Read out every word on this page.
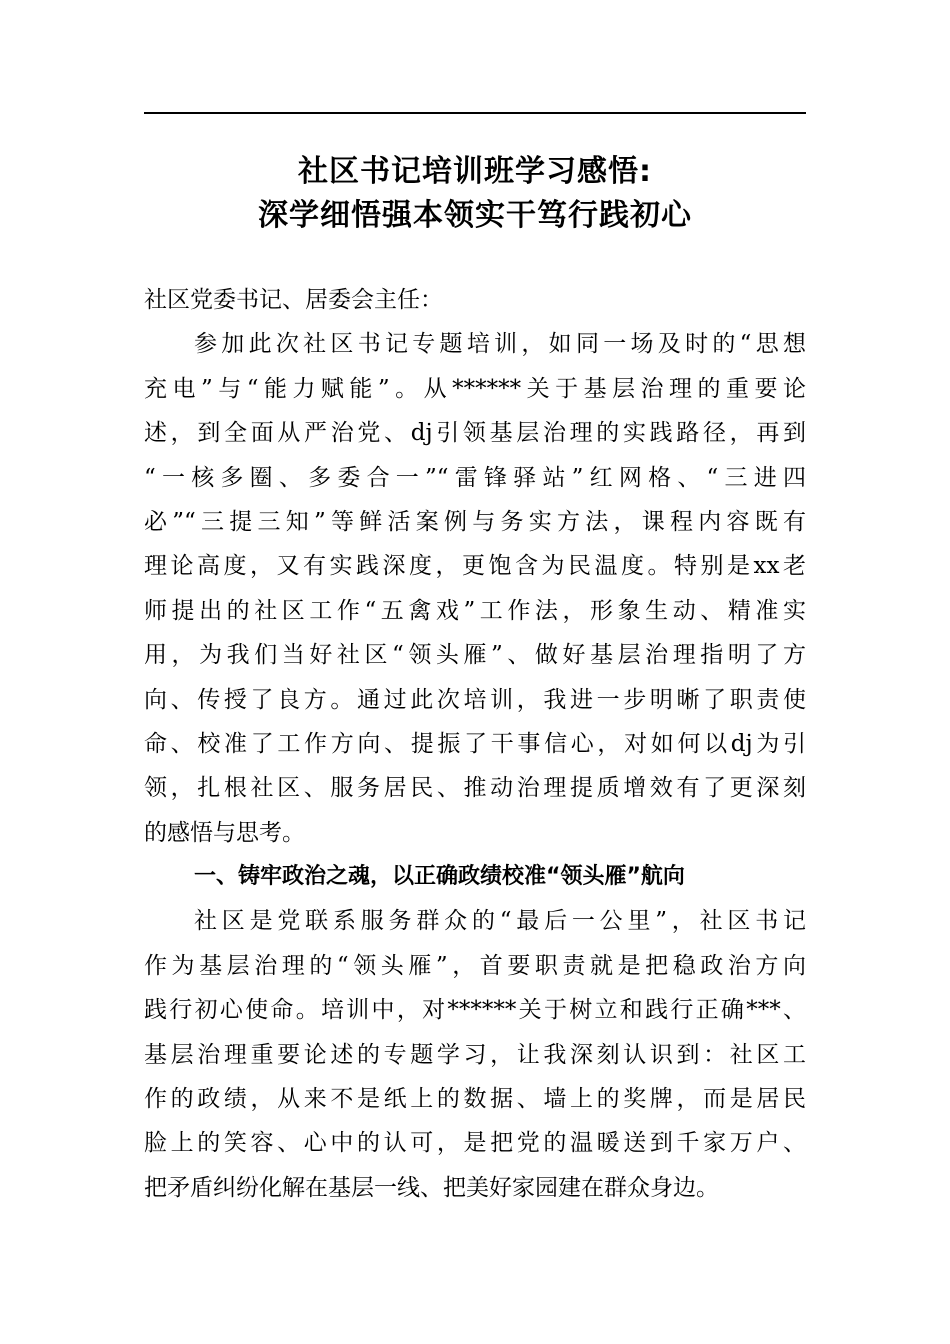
社区书记培训班学习感悟:
深学细悟强本领实干笃行践初心
社区党委书记、居委会主任：
参加此次社区书记专题培训，如同一场及时的“思想
充电”与“能力赋能”。从******关于基层治理的重要论
述，到全面从严治党、dj引领基层治理的实践路径，再到
“一核多圈、多委合一”“雷锋驿站”红网格、“三进四
必”“三提三知”等鲜活案例与务实方法，课程内容既有
理论高度，又有实践深度，更饱含为民温度。特别是xx老
师提出的社区工作“五禽戏”工作法，形象生动、精准实
用，为我们当好社区“领头雁”、做好基层治理指明了方
向、传授了良方。通过此次培训，我进一步明晰了职责使
命、校准了工作方向、提振了干事信心，对如何以dj为引
领，扎根社区、服务居民、推动治理提质增效有了更深刻
的感悟与思考。
一、铸牢政治之魂，以正确政绩校准“领头雁”航向
社区是党联系服务群众的“最后一公里”，社区书记
作为基层治理的“领头雁”，首要职责就是把稳政治方向
践行初心使命。培训中，对******关于树立和践行正确***、
基层治理重要论述的专题学习，让我深刻认识到：社区工
作的政绩，从来不是纸上的数据、墙上的奖牌，而是居民
脸上的笑容、心中的认可，是把党的温暖送到千家万户、
把矛盾纠纷化解在基层一线、把美好家园建在群众身边。
